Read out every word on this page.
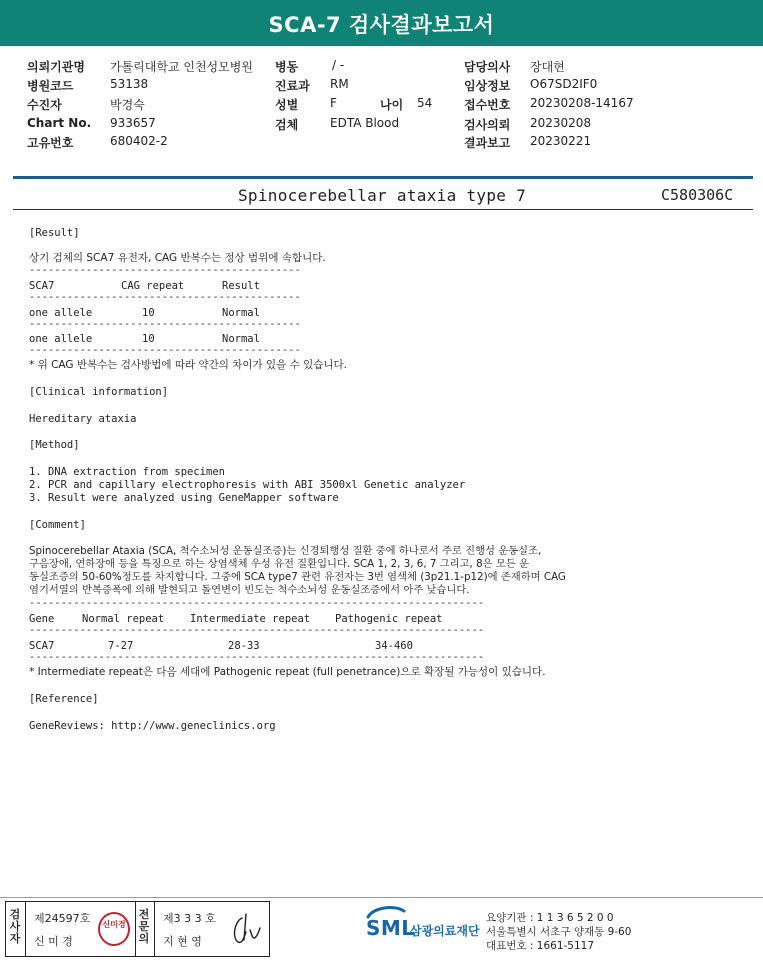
SCA-7 검사결과보고서
의뢰기관명 가톨릭대학교 인천성모병원
병원코드	53138
수진자	박경숙
Chart No. 933657
고유번호	680402-2
병동	/ -
진료과 RM
성별	F	나이 54
검체	EDTA Blood
담당의사 장대현
임상정보 O67SD2IF0
접수번호 20230208-14167
검사의뢰 20230208
결과보고 20230221
Spinocerebellar ataxia type 7	C580306C
[Result]
상기 검체의 SCA7 유전자, CAG 반복수는 정상 범위에 속합니다.
-------------------------------------------
SCA7	CAG repeat	Result
-------------------------------------------
one allele	10	Normal
-------------------------------------------
one allele	10	Normal
-------------------------------------------
* 위 CAG 반복수는 검사방법에 따라 약간의 차이가 있을 수 있습니다.
[Clinical information]
Hereditary ataxia
[Method]
1. DNA extraction from specimen
2. PCR and capillary electrophoresis with ABI 3500xl Genetic analyzer
3. Result were analyzed using GeneMapper software
[Comment]
Spinocerebellar Ataxia (SCA, 척수소뇌성 운동실조증)는 신경퇴행성 질환 중에 하나로서 주로 진행성 운동실조,
구음장애, 연하장애 등을 특징으로 하는 상염색체 우성 유전 질환입니다. SCA 1, 2, 3, 6, 7 그리고, 8은 모든 운
동실조증의 50-60%정도를 차지합니다. 그중에 SCA type7 관련 유전자는 3번 염색체 (3p21.1-p12)에 존재하며 CAG
염기서열의 반복증폭에 의해 발현되고 돌연변이 빈도는 척수소뇌성 운동실조증에서 아주 낮습니다.
------------------------------------------------------------------------
Gene	Normal repeat Intermediate repeat Pathogenic repeat
------------------------------------------------------------------------
SCA7	7-27	28-33	34-460
------------------------------------------------------------------------
* Intermediate repeat은 다음 세대에 Pathogenic repeat (full penetrance)으로 확장될 가능성이 있습니다.
[Reference]
GeneReviews: http://www.geneclinics.org
검
사
자
제24597호
신 미 경
신미경
전
문
의
제3 3 3 호
지 현 영
SML
삼광의료재단
요양기관 : 1 1 3 6 5 2 0 0
서울특별시 서초구 양재동 9-60
대표번호 : 1661-5117
